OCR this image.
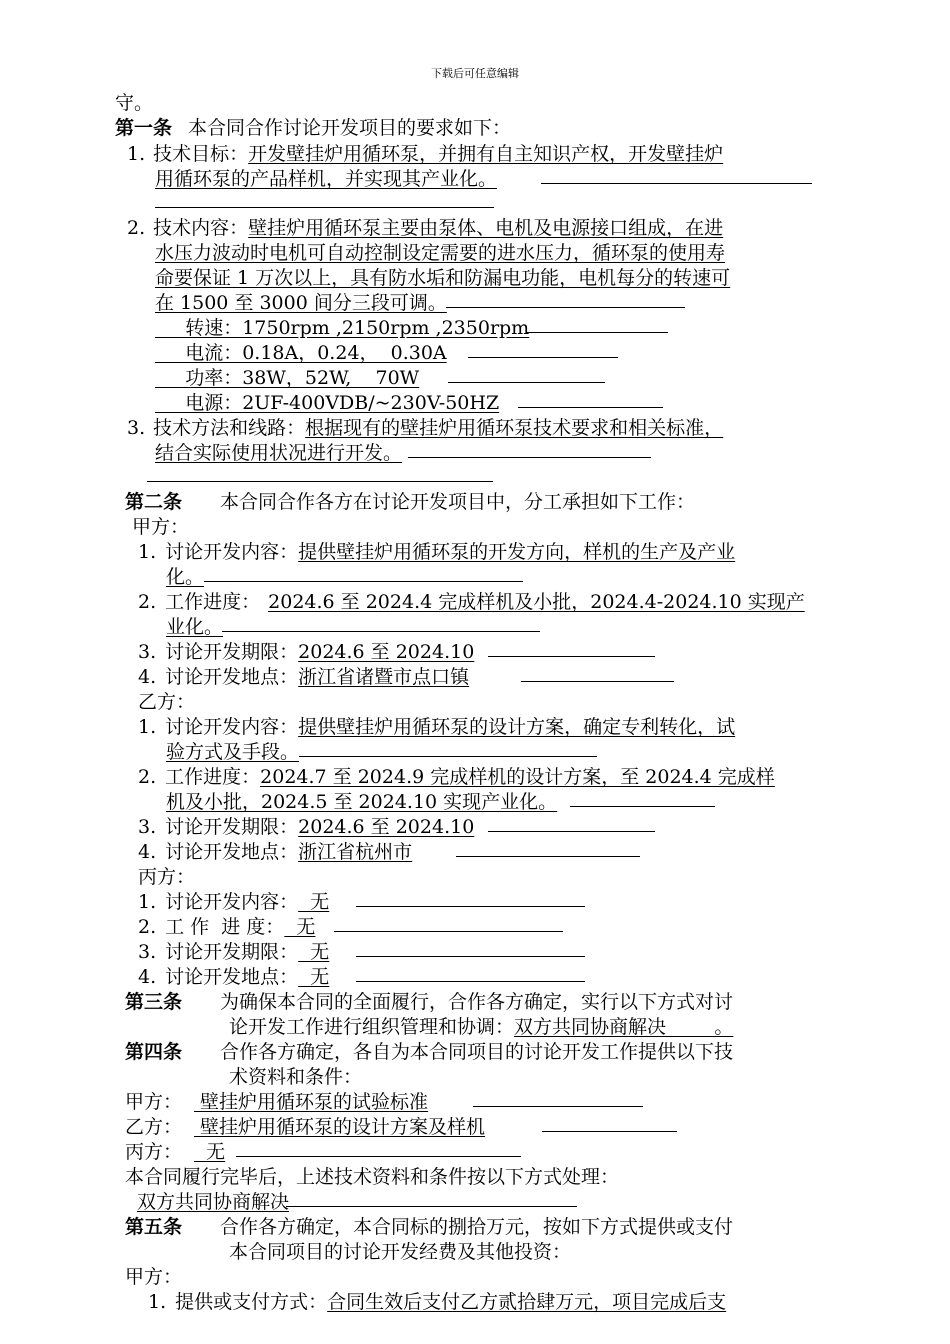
下载后可任意编辑
守。
第一条 本合同合作讨论开发项目的要求如下：
1. 技术目标：开发壁挂炉用循环泵，并拥有自主知识产权，开发壁挂炉
用循环泵的产品样机，并实现其产业化。
2. 技术内容：壁挂炉用循环泵主要由泵体、电机及电源接口组成，在进
水压力波动时电机可自动控制设定需要的进水压力，循环泵的使用寿
命要保证 1 万次以上，具有防水垢和防漏电功能，电机每分的转速可
在 1500 至 3000 间分三段可调。
转速：1750rpm ,2150rpm ,2350rpm
电流：0.18A，0.24，  0.30A
功率：38W，52W,    70W
电源：2UF-400VDB/~230V-50HZ
3. 技术方法和线路：根据现有的壁挂炉用循环泵技术要求和相关标准，
结合实际使用状况进行开发。
第二条 本合同合作各方在讨论开发项目中，分工承担如下工作：
甲方：
1. 讨论开发内容：提供壁挂炉用循环泵的开发方向，样机的生产及产业
化。
2. 工作进度： 2024.6 至 2024.4 完成样机及小批，2024.4-2024.10 实现产
业化。
3. 讨论开发期限：2024.6 至 2024.10
4. 讨论开发地点：浙江省诸暨市点口镇
乙方：
1. 讨论开发内容：提供壁挂炉用循环泵的设计方案，确定专利转化，试
验方式及手段。
2. 工作进度：2024.7 至 2024.9 完成样机的设计方案，至 2024.4 完成样
机及小批，2024.5 至 2024.10 实现产业化。
3. 讨论开发期限：2024.6 至 2024.10
4. 讨论开发地点：浙江省杭州市
丙方：
1. 讨论开发内容：  无
2. 工 作  进 度：  无
3. 讨论开发期限：  无
4. 讨论开发地点：  无
第三条 为确保本合同的全面履行，合作各方确定，实行以下方式对讨
论开发工作进行组织管理和协调：双方共同协商解决        。
第四条 合作各方确定，各自为本合同项目的讨论开发工作提供以下技
术资料和条件：
甲方： 壁挂炉用循环泵的试验标准
乙方： 壁挂炉用循环泵的设计方案及样机
丙方：  无
本合同履行完毕后，上述技术资料和条件按以下方式处理：
双方共同协商解决
第五条 合作各方确定，本合同标的捌拾万元，按如下方式提供或支付
本合同项目的讨论开发经费及其他投资：
甲方：
1. 提供或支付方式：合同生效后支付乙方贰拾肆万元，项目完成后支
